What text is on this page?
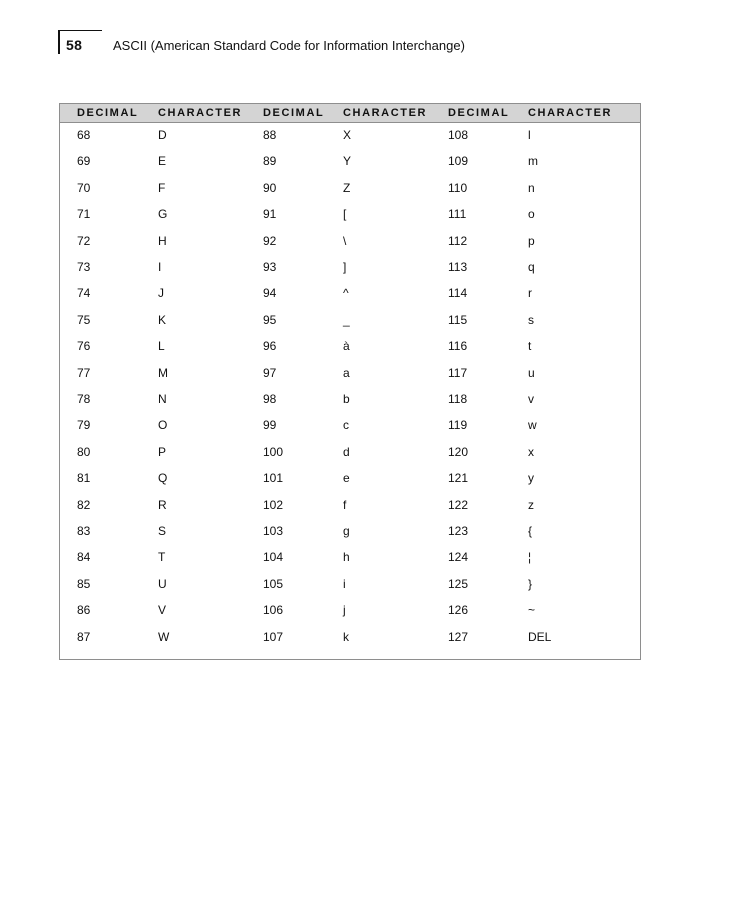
58 ASCII (American Standard Code for Information Interchange)
DECIMAL CHARACTER DECIMAL CHARACTER DECIMAL CHARACTER
68	D	88	X	108	l
69	E	89	Y	109	m
70	F	90	Z	110	n
71	G	91	[	111	o
72	H	92	\	112	p
73	I	93	]	113	q
74	J	94	^	114	r
75	K	95	_	115	s
76	L	96	à	116	t
77	M	97	a	117	u
78	N	98	b	118	v
79	O	99	c	119	w
80	P	100	d	120	x
81	Q	101	e	121	y
82	R	102	f	122	z
83	S	103	g	123	{
84	T	104	h	124	¦
85	U	105	i	125	}
86	V	106	j	126	~
87	W	107	k	127	DEL
